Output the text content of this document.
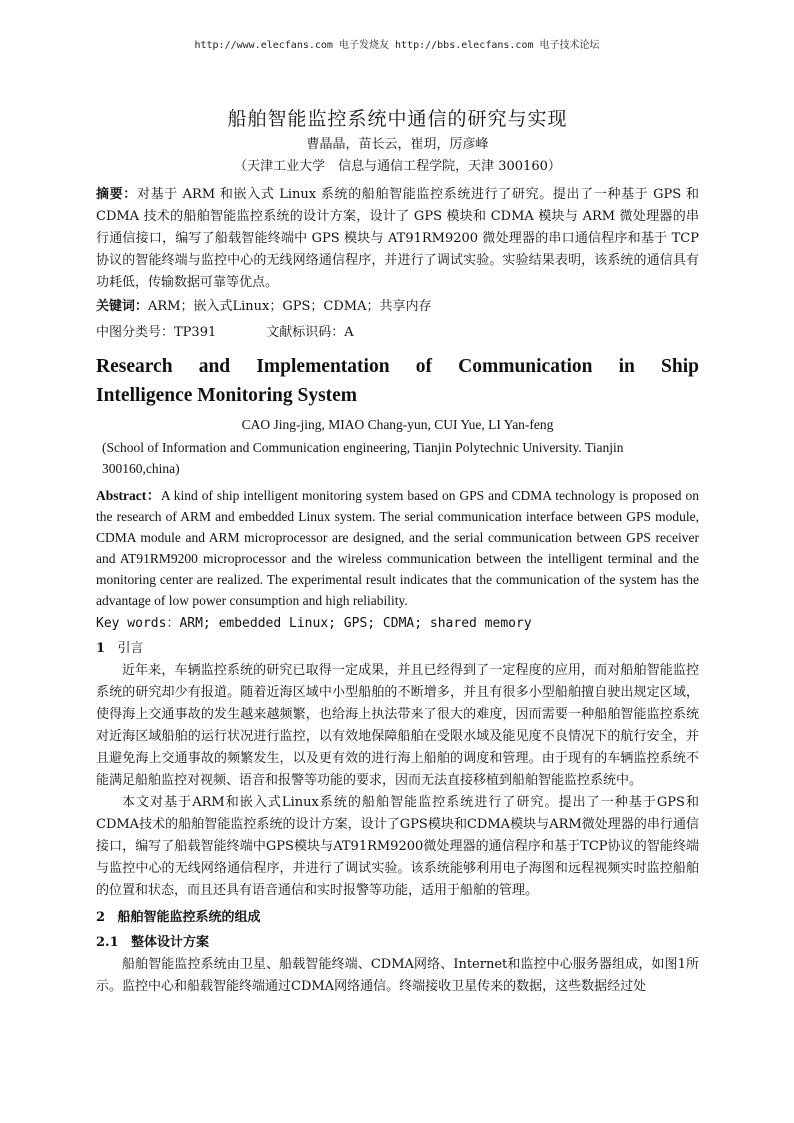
http://www.elecfans.com 电子发烧友 http://bbs.elecfans.com 电子技术论坛
船舶智能监控系统中通信的研究与实现
曹晶晶，苗长云，崔玥，厉彦峰
（天津工业大学　信息与通信工程学院，天津 300160）

摘要：对基于 ARM 和嵌入式 Linux 系统的船舶智能监控系统进行了研究。提出了一种基于 GPS 和 CDMA 技术的船舶智能监控系统的设计方案，设计了 GPS 模块和 CDMA 模块与 ARM 微处理器的串行通信接口，编写了船载智能终端中 GPS 模块与 AT91RM9200 微处理器的串口通信程序和基于 TCP 协议的智能终端与监控中心的无线网络通信程序，并进行了调试实验。实验结果表明，该系统的通信具有功耗低，传输数据可靠等优点。

关键词：ARM；嵌入式Linux；GPS；CDMA；共享内存

中图分类号：TP391	文献标识码：A
Research and Implementation of Communication in Ship
Intelligence Monitoring System
CAO Jing-jing, MIAO Chang-yun, CUI Yue, LI Yan-feng

(School of Information and Communication engineering, Tianjin Polytechnic University. Tianjin 300160,china)

Abstract：A kind of ship intelligent monitoring system based on GPS and CDMA technology is proposed on the research of ARM and embedded Linux system. The serial communication interface between GPS module, CDMA module and ARM microprocessor are designed, and the serial communication between GPS receiver and AT91RM9200 microprocessor and the wireless communication between the intelligent terminal and the monitoring center are realized. The experimental result indicates that the communication of the system has the advantage of low power consumption and high reliability.

Key words：ARM; embedded Linux; GPS; CDMA; shared memory
1 引言

近年来，车辆监控系统的研究已取得一定成果，并且已经得到了一定程度的应用，而对船舶智能监控系统的研究却少有报道。随着近海区域中小型船舶的不断增多，并且有很多小型船舶擅自驶出规定区域，使得海上交通事故的发生越来越频繁，也给海上执法带来了很大的难度，因而需要一种船舶智能监控系统对近海区域船舶的运行状况进行监控，以有效地保障船舶在受限水域及能见度不良情况下的航行安全，并且避免海上交通事故的频繁发生，以及更有效的进行海上船舶的调度和管理。由于现有的车辆监控系统不能满足船舶监控对视频、语音和报警等功能的要求，因而无法直接移植到船舶智能监控系统中。

本文对基于ARM和嵌入式Linux系统的船舶智能监控系统进行了研究。提出了一种基于GPS和CDMA技术的船舶智能监控系统的设计方案，设计了GPS模块和CDMA模块与ARM微处理器的串行通信接口，编写了船载智能终端中GPS模块与AT91RM9200微处理器的通信程序和基于TCP协议的智能终端与监控中心的无线网络通信程序，并进行了调试实验。该系统能够利用电子海图和远程视频实时监控船舶的位置和状态，而且还具有语音通信和实时报警等功能，适用于船舶的管理。

2 船舶智能监控系统的组成
2.1 整体设计方案

船舶智能监控系统由卫星、船载智能终端、CDMA网络、Internet和监控中心服务器组成，如图1所示。监控中心和船载智能终端通过CDMA网络通信。终端接收卫星传来的数据，这些数据经过处
